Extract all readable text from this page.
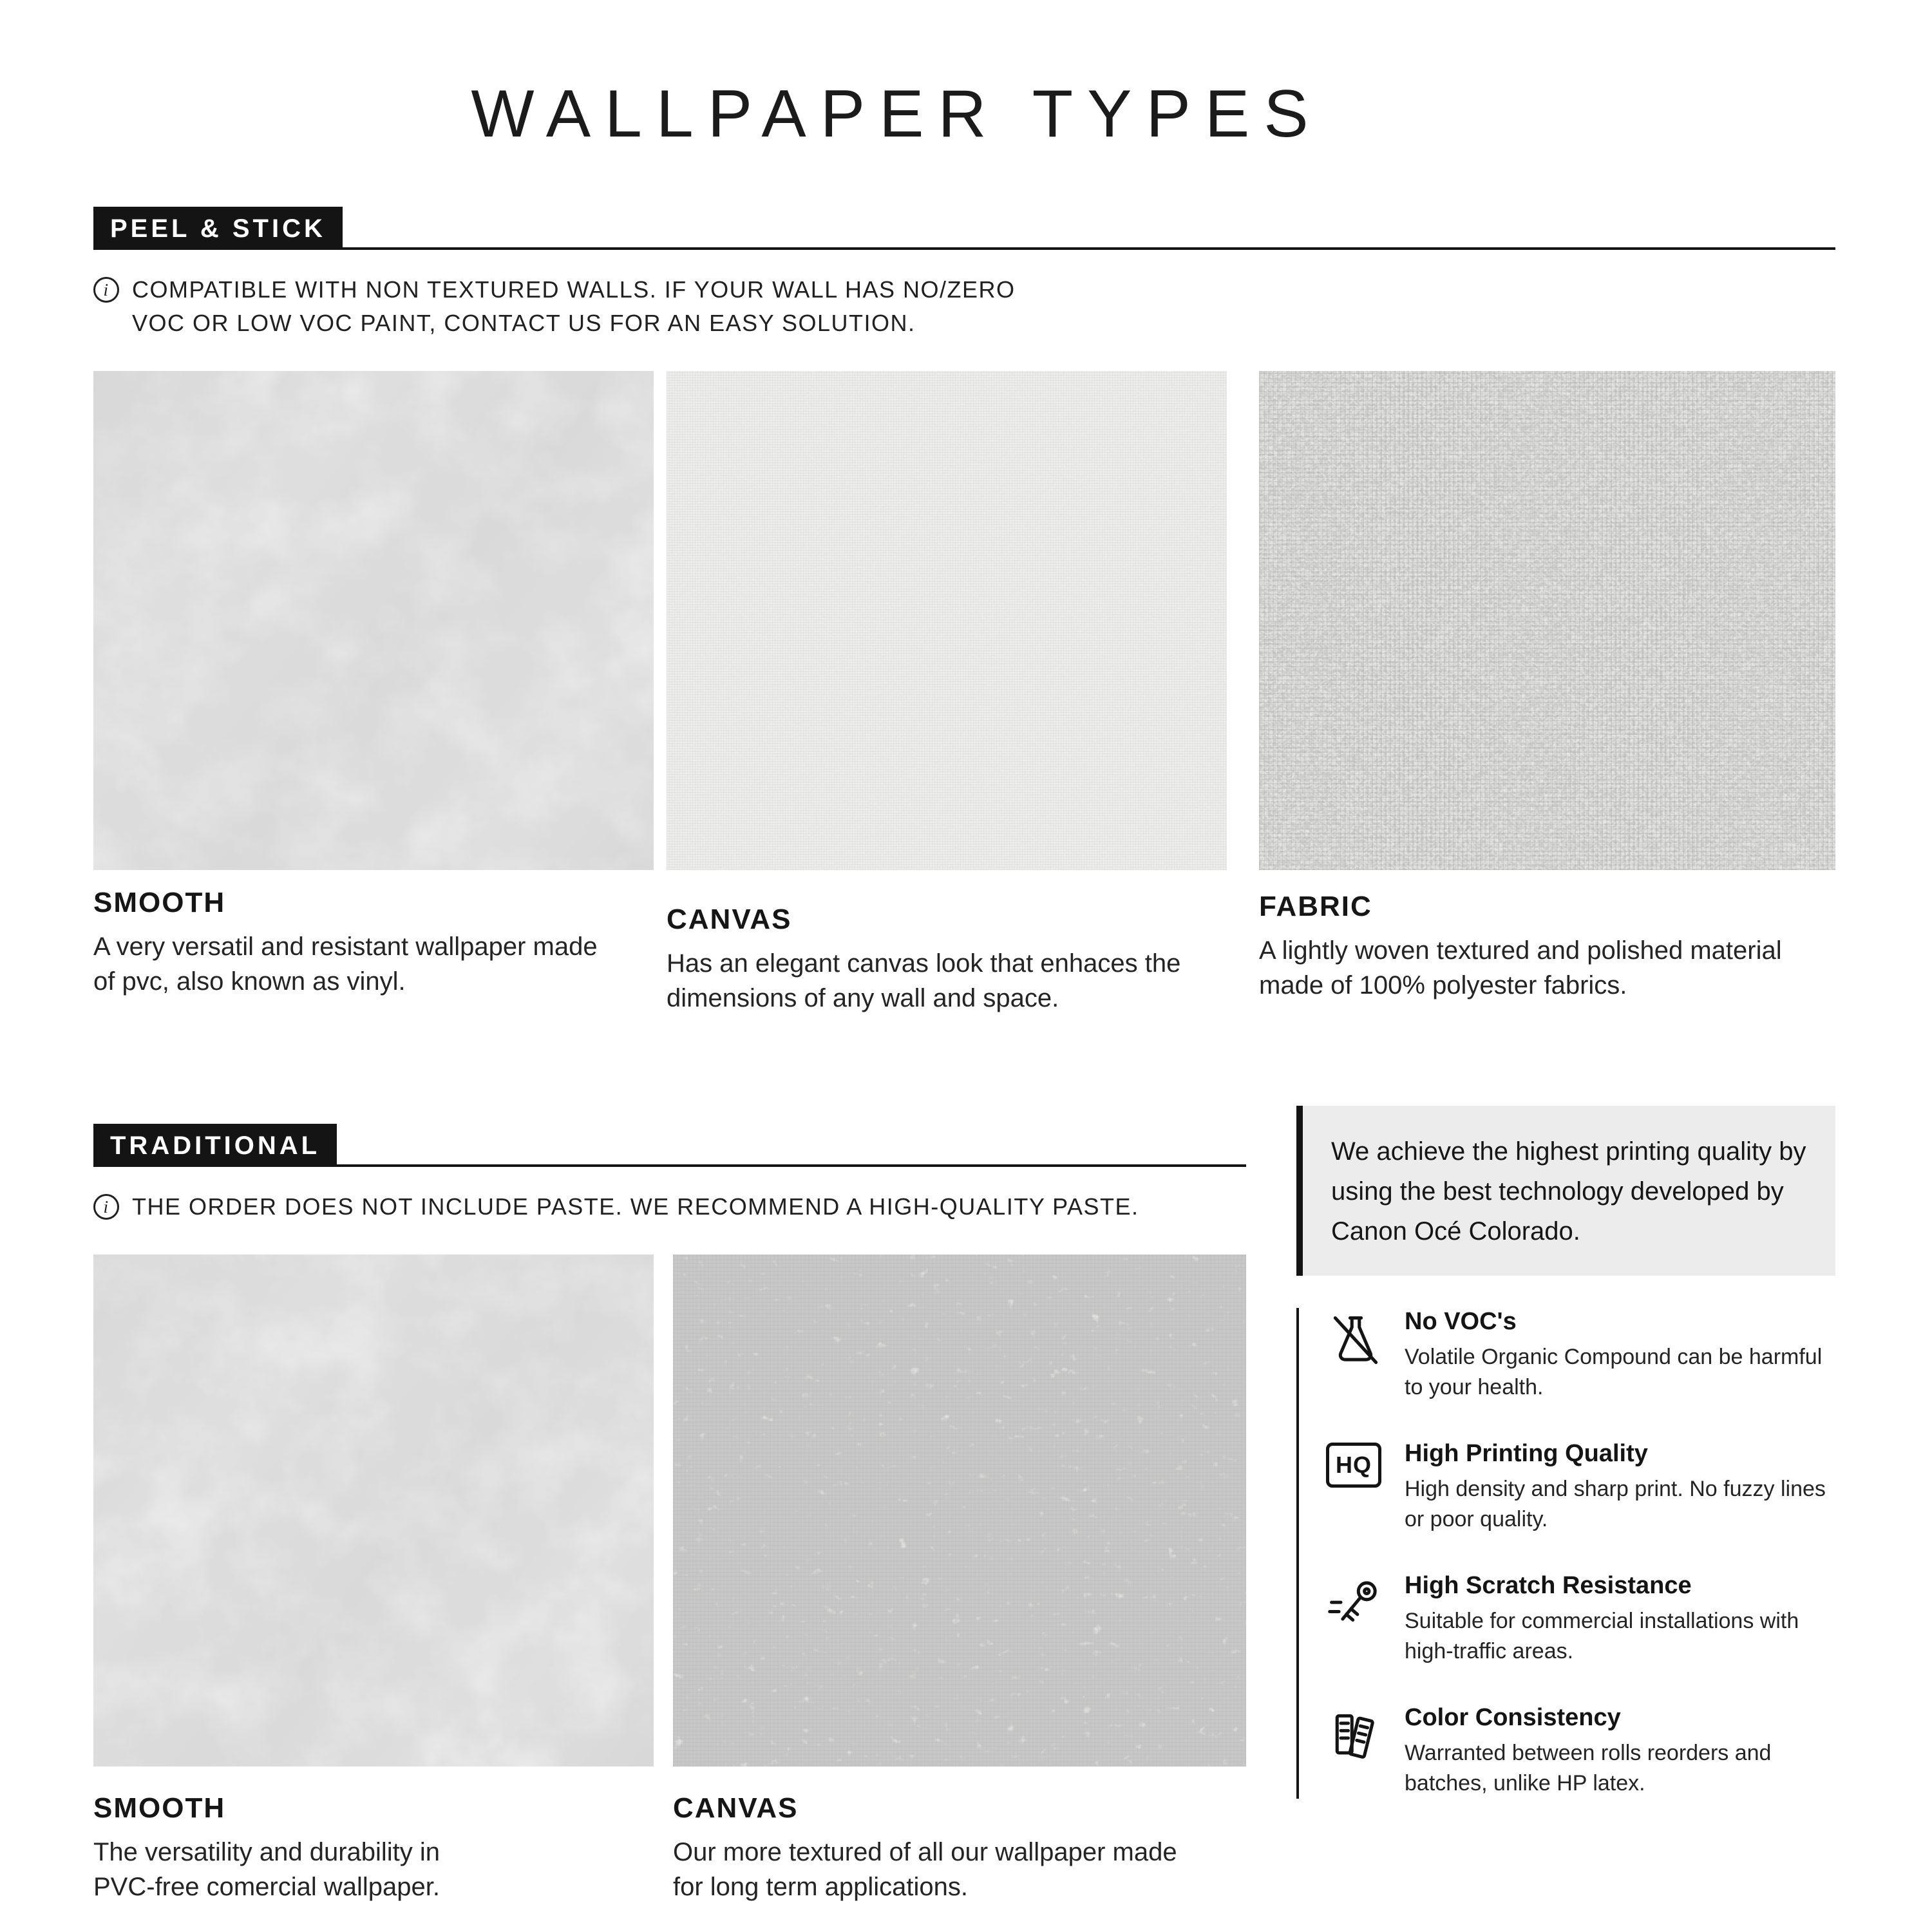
WALLPAPER TYPES
PEEL & STICK
i COMPATIBLE WITH NON TEXTURED WALLS. IF YOUR WALL HAS NO/ZERO
VOC OR LOW VOC PAINT, CONTACT US FOR AN EASY SOLUTION.
SMOOTH
A very versatil and resistant wallpaper made of pvc, also known as vinyl.
CANVAS
Has an elegant canvas look that enhaces the dimensions of any wall and space.
FABRIC
A lightly woven textured and polished material made of 100% polyester fabrics.
TRADITIONAL
i THE ORDER DOES NOT INCLUDE PASTE. WE RECOMMEND A HIGH-QUALITY PASTE.
SMOOTH
The versatility and durability in PVC-free comercial wallpaper.
CANVAS
Our more textured of all our wallpaper made for long term applications.
We achieve the highest printing quality by using the best technology developed by Canon Océ Colorado.
No VOC's
Volatile Organic Compound can be harmful to your health.
HQ	High Printing Quality
High density and sharp print. No fuzzy lines or poor quality.
High Scratch Resistance
Suitable for commercial installations with high-traffic areas.
Color Consistency
Warranted between rolls reorders and batches, unlike HP latex.
